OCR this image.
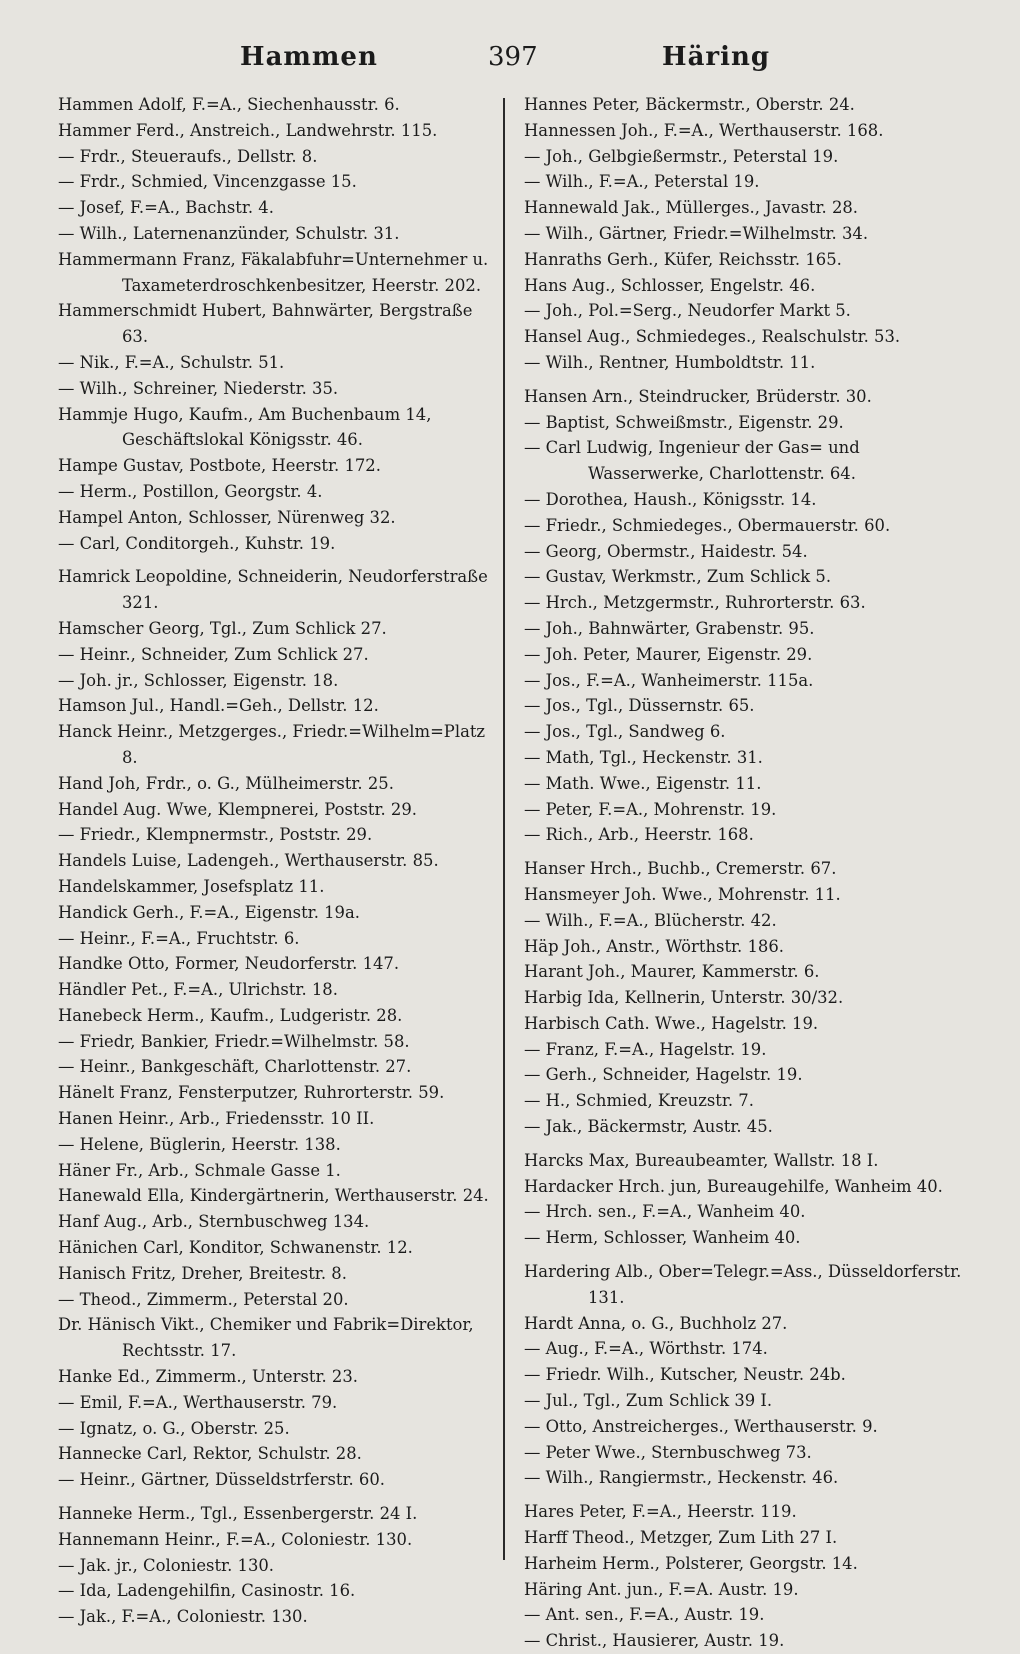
Hammen	397	Häring
Hammen Adolf, F.=A., Siechenhausstr. 6.
Hammer Ferd., Anstreich., Landwehrstr. 115.
— Frdr., Steueraufs., Dellstr. 8.
— Frdr., Schmied, Vincenzgasse 15.
— Josef, F.=A., Bachstr. 4.
— Wilh., Laternenanzünder, Schulstr. 31.
Hammermann Franz, Fäkalabfuhr=Unternehmer u. Taxameterdroschkenbesitzer, Heerstr. 202.
Hammerschmidt Hubert, Bahnwärter, Bergstraße 63.
— Nik., F.=A., Schulstr. 51.
— Wilh., Schreiner, Niederstr. 35.
Hammje Hugo, Kaufm., Am Buchenbaum 14, Geschäftslokal Königsstr. 46.
Hampe Gustav, Postbote, Heerstr. 172.
— Herm., Postillon, Georgstr. 4.
Hampel Anton, Schlosser, Nürenweg 32.
— Carl, Conditorgeh., Kuhstr. 19.
Hamrick Leopoldine, Schneiderin, Neudorferstraße 321.
Hamscher Georg, Tgl., Zum Schlick 27.
— Heinr., Schneider, Zum Schlick 27.
— Joh. jr., Schlosser, Eigenstr. 18.
Hamson Jul., Handl.=Geh., Dellstr. 12.
Hanck Heinr., Metzgerges., Friedr.=Wilhelm=Platz 8.
Hand Joh, Frdr., o. G., Mülheimerstr. 25.
Handel Aug. Wwe, Klempnerei, Poststr. 29.
— Friedr., Klempnermstr., Poststr. 29.
Handels Luise, Ladengeh., Werthauserstr. 85.
Handelskammer, Josefsplatz 11.
Handick Gerh., F.=A., Eigenstr. 19a.
— Heinr., F.=A., Fruchtstr. 6.
Handke Otto, Former, Neudorferstr. 147.
Händler Pet., F.=A., Ulrichstr. 18.
Hanebeck Herm., Kaufm., Ludgeristr. 28.
— Friedr, Bankier, Friedr.=Wilhelmstr. 58.
— Heinr., Bankgeschäft, Charlottenstr. 27.
Hänelt Franz, Fensterputzer, Ruhrorterstr. 59.
Hanen Heinr., Arb., Friedensstr. 10 II.
— Helene, Büglerin, Heerstr. 138.
Häner Fr., Arb., Schmale Gasse 1.
Hanewald Ella, Kindergärtnerin, Werthauserstr. 24.
Hanf Aug., Arb., Sternbuschweg 134.
Hänichen Carl, Konditor, Schwanenstr. 12.
Hanisch Fritz, Dreher, Breitestr. 8.
— Theod., Zimmerm., Peterstal 20.
Dr. Hänisch Vikt., Chemiker und Fabrik=Direktor, Rechtsstr. 17.
Hanke Ed., Zimmerm., Unterstr. 23.
— Emil, F.=A., Werthauserstr. 79.
— Ignatz, o. G., Oberstr. 25.
Hannecke Carl, Rektor, Schulstr. 28.
— Heinr., Gärtner, Düsseldstrferstr. 60.
Hanneke Herm., Tgl., Essenbergerstr. 24 I.
Hannemann Heinr., F.=A., Coloniestr. 130.
— Jak. jr., Coloniestr. 130.
— Ida, Ladengehilfin, Casinostr. 16.
— Jak., F.=A., Coloniestr. 130.
Hannes Peter, Bäckermstr., Oberstr. 24.
Hannessen Joh., F.=A., Werthauserstr. 168.
— Joh., Gelbgießermstr., Peterstal 19.
— Wilh., F.=A., Peterstal 19.
Hannewald Jak., Müllerges., Javastr. 28.
— Wilh., Gärtner, Friedr.=Wilhelmstr. 34.
Hanraths Gerh., Küfer, Reichsstr. 165.
Hans Aug., Schlosser, Engelstr. 46.
— Joh., Pol.=Serg., Neudorfer Markt 5.
Hansel Aug., Schmiedeges., Realschulstr. 53.
— Wilh., Rentner, Humboldtstr. 11.
Hansen Arn., Steindrucker, Brüderstr. 30.
— Baptist, Schweißmstr., Eigenstr. 29.
— Carl Ludwig, Ingenieur der Gas= und Wasserwerke, Charlottenstr. 64.
— Dorothea, Haush., Königsstr. 14.
— Friedr., Schmiedeges., Obermauerstr. 60.
— Georg, Obermstr., Haidestr. 54.
— Gustav, Werkmstr., Zum Schlick 5.
— Hrch., Metzgermstr., Ruhrorterstr. 63.
— Joh., Bahnwärter, Grabenstr. 95.
— Joh. Peter, Maurer, Eigenstr. 29.
— Jos., F.=A., Wanheimerstr. 115a.
— Jos., Tgl., Düssernstr. 65.
— Jos., Tgl., Sandweg 6.
— Math, Tgl., Heckenstr. 31.
— Math. Wwe., Eigenstr. 11.
— Peter, F.=A., Mohrenstr. 19.
— Rich., Arb., Heerstr. 168.
Hanser Hrch., Buchb., Cremerstr. 67.
Hansmeyer Joh. Wwe., Mohrenstr. 11.
— Wilh., F.=A., Blücherstr. 42.
Häp Joh., Anstr., Wörthstr. 186.
Harant Joh., Maurer, Kammerstr. 6.
Harbig Ida, Kellnerin, Unterstr. 30/32.
Harbisch Cath. Wwe., Hagelstr. 19.
— Franz, F.=A., Hagelstr. 19.
— Gerh., Schneider, Hagelstr. 19.
— H., Schmied, Kreuzstr. 7.
— Jak., Bäckermstr, Austr. 45.
Harcks Max, Bureaubeamter, Wallstr. 18 I.
Hardacker Hrch. jun, Bureaugehilfe, Wanheim 40.
— Hrch. sen., F.=A., Wanheim 40.
— Herm, Schlosser, Wanheim 40.
Hardering Alb., Ober=Telegr.=Ass., Düsseldorferstr. 131.
Hardt Anna, o. G., Buchholz 27.
— Aug., F.=A., Wörthstr. 174.
— Friedr. Wilh., Kutscher, Neustr. 24b.
— Jul., Tgl., Zum Schlick 39 I.
— Otto, Anstreicherges., Werthauserstr. 9.
— Peter Wwe., Sternbuschweg 73.
— Wilh., Rangiermstr., Heckenstr. 46.
Hares Peter, F.=A., Heerstr. 119.
Harff Theod., Metzger, Zum Lith 27 I.
Harheim Herm., Polsterer, Georgstr. 14.
Häring Ant. jun., F.=A. Austr. 19.
— Ant. sen., F.=A., Austr. 19.
— Christ., Hausierer, Austr. 19.
